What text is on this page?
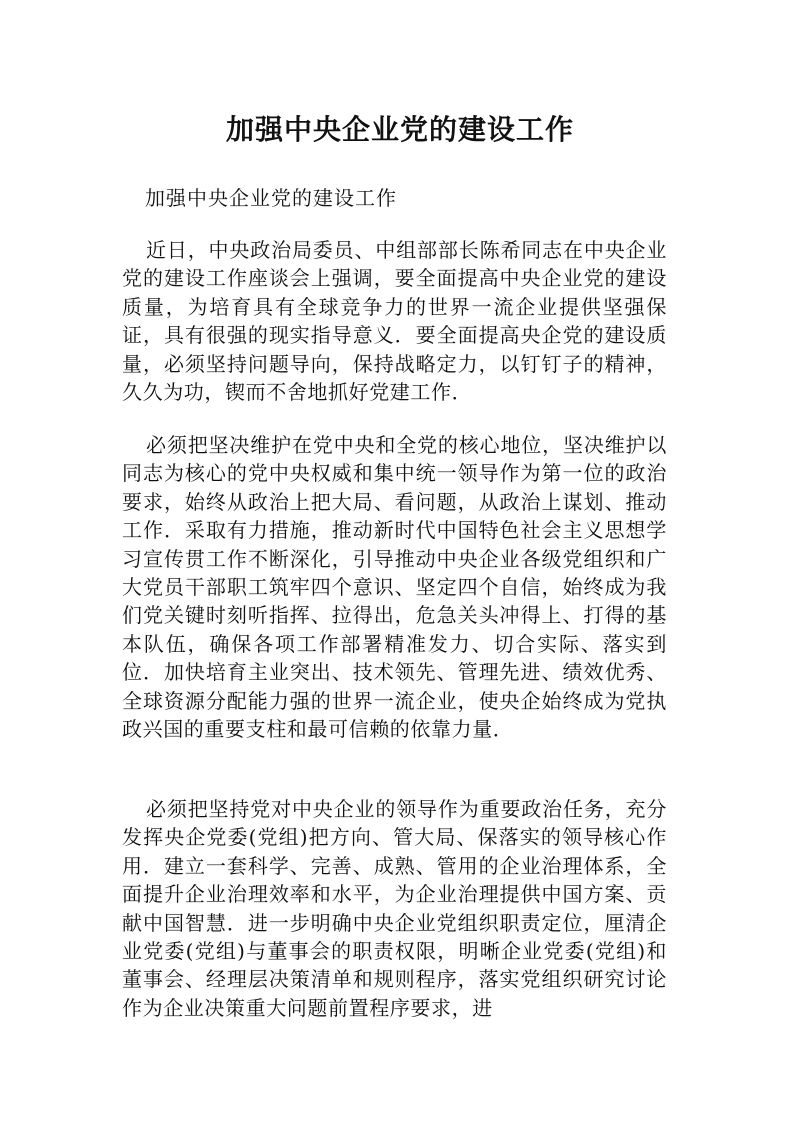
加强中央企业党的建设工作

加强中央企业党的建设工作

近日，中央政治局委员、中组部部长陈希同志在中央企业党的建设工作座谈会上强调，要全面提高中央企业党的建设质量，为培育具有全球竞争力的世界一流企业提供坚强保证，具有很强的现实指导意义．要全面提高央企党的建设质量，必须坚持问题导向，保持战略定力，以钉钉子的精神，久久为功，锲而不舍地抓好党建工作．

必须把坚决维护在党中央和全党的核心地位，坚决维护以同志为核心的党中央权威和集中统一领导作为第一位的政治要求，始终从政治上把大局、看问题，从政治上谋划、推动工作．采取有力措施，推动新时代中国特色社会主义思想学习宣传贯工作不断深化，引导推动中央企业各级党组织和广大党员干部职工筑牢四个意识、坚定四个自信，始终成为我们党关键时刻听指挥、拉得出，危急关头冲得上、打得的基本队伍，确保各项工作部署精准发力、切合实际、落实到位．加快培育主业突出、技术领先、管理先进、绩效优秀、全球资源分配能力强的世界一流企业，使央企始终成为党执政兴国的重要支柱和最可信赖的依靠力量．

必须把坚持党对中央企业的领导作为重要政治任务，充分发挥央企党委(党组)把方向、管大局、保落实的领导核心作用．建立一套科学、完善、成熟、管用的企业治理体系，全面提升企业治理效率和水平，为企业治理提供中国方案、贡献中国智慧．进一步明确中央企业党组织职责定位，厘清企业党委(党组)与董事会的职责权限，明晰企业党委(党组)和董事会、经理层决策清单和规则程序，落实党组织研究讨论作为企业决策重大问题前置程序要求，进
